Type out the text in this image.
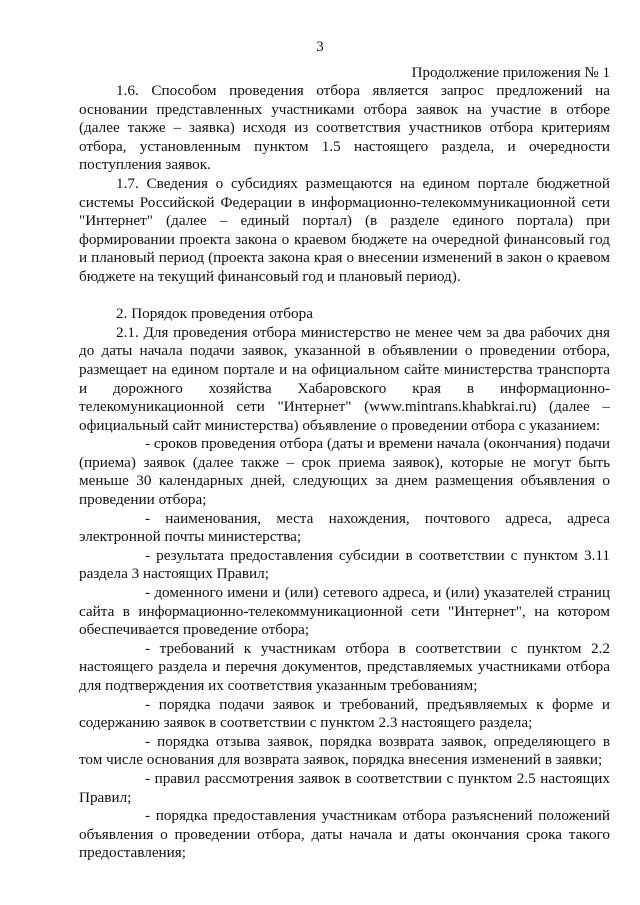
3
Продолжение приложения № 1

1.6. Способом проведения отбора является запрос предложений на основании представленных участниками отбора заявок на участие в отборе (далее также – заявка) исходя из соответствия участников отбора критериям отбора, установленным пунктом 1.5 настоящего раздела, и очередности поступления заявок.

1.7. Сведения о субсидиях размещаются на едином портале бюджетной системы Российской Федерации в информационно-телекоммуникационной сети "Интернет" (далее – единый портал) (в разделе единого портала) при формировании проекта закона о краевом бюджете на очередной финансовый год и плановый период (проекта закона края о внесении изменений в закон о краевом бюджете на текущий финансовый год и плановый период).

2. Порядок проведения отбора

2.1. Для проведения отбора министерство не менее чем за два рабочих дня до даты начала подачи заявок, указанной в объявлении о проведении отбора, размещает на едином портале и на официальном сайте министерства транспорта и дорожного хозяйства Хабаровского края в информационно-телекомуникационной сети "Интернет" (www.mintrans.khabkrai.ru) (далее – официальный сайт министерства) объявление о проведении отбора с указанием:

- сроков проведения отбора (даты и времени начала (окончания) подачи (приема) заявок (далее также – срок приема заявок), которые не могут быть меньше 30 календарных дней, следующих за днем размещения объявления о проведении отбора;

- наименования, места нахождения, почтового адреса, адреса электронной почты министерства;

- результата предоставления субсидии в соответствии с пунктом 3.11 раздела 3 настоящих Правил;

- доменного имени и (или) сетевого адреса, и (или) указателей страниц сайта в информационно-телекоммуникационной сети "Интернет", на котором обеспечивается проведение отбора;

- требований к участникам отбора в соответствии с пунктом 2.2 настоящего раздела и перечня документов, представляемых участниками отбора для подтверждения их соответствия указанным требованиям;

- порядка подачи заявок и требований, предъявляемых к форме и содержанию заявок в соответствии с пунктом 2.3 настоящего раздела;

- порядка отзыва заявок, порядка возврата заявок, определяющего в том числе основания для возврата заявок, порядка внесения изменений в заявки;

- правил рассмотрения заявок в соответствии с пунктом 2.5 настоящих Правил;

- порядка предоставления участникам отбора разъяснений положений объявления о проведении отбора, даты начала и даты окончания срока такого предоставления;
